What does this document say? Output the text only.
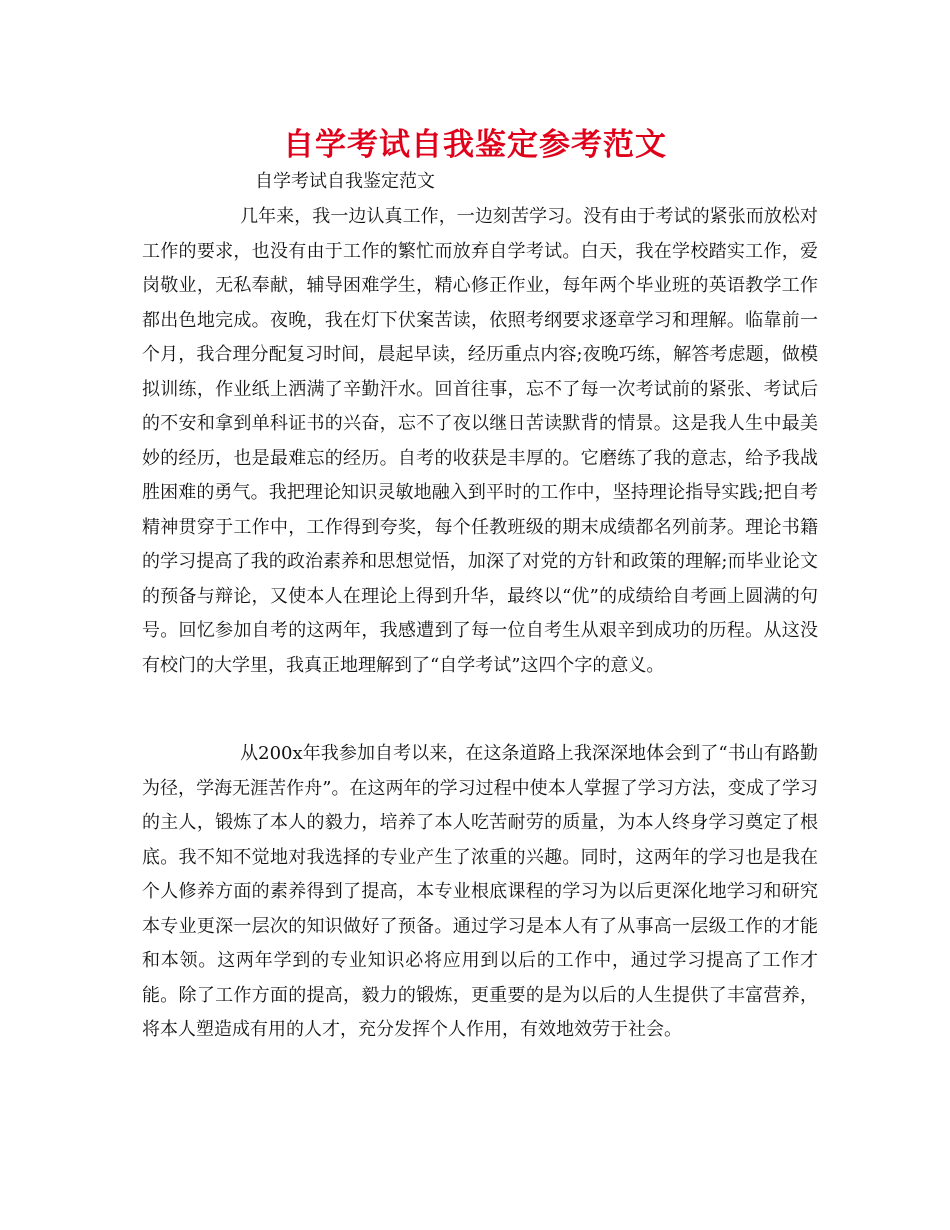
自学考试自我鉴定参考范文
自学考试自我鉴定范文

几年来，我一边认真工作，一边刻苦学习。没有由于考试的紧张而放松对工作的要求，也没有由于工作的繁忙而放弃自学考试。白天，我在学校踏实工作，爱岗敬业，无私奉献，辅导困难学生，精心修正作业，每年两个毕业班的英语教学工作都出色地完成。夜晚，我在灯下伏案苦读，依照考纲要求逐章学习和理解。临靠前一个月，我合理分配复习时间，晨起早读，经历重点内容;夜晚巧练，解答考虑题，做模拟训练，作业纸上洒满了辛勤汗水。回首往事，忘不了每一次考试前的紧张、考试后的不安和拿到单科证书的兴奋，忘不了夜以继日苦读默背的情景。这是我人生中最美妙的经历，也是最难忘的经历。自考的收获是丰厚的。它磨练了我的意志，给予我战胜困难的勇气。我把理论知识灵敏地融入到平时的工作中，坚持理论指导实践;把自考精神贯穿于工作中，工作得到夸奖，每个任教班级的期末成绩都名列前茅。理论书籍的学习提高了我的政治素养和思想觉悟，加深了对党的方针和政策的理解;而毕业论文的预备与辩论，又使本人在理论上得到升华，最终以“优”的成绩给自考画上圆满的句号。回忆参加自考的这两年，我感遭到了每一位自考生从艰辛到成功的历程。从这没有校门的大学里，我真正地理解到了“自学考试”这四个字的意义。

从200x年我参加自考以来，在这条道路上我深深地体会到了“书山有路勤为径，学海无涯苦作舟”。在这两年的学习过程中使本人掌握了学习方法，变成了学习的主人，锻炼了本人的毅力，培养了本人吃苦耐劳的质量，为本人终身学习奠定了根底。我不知不觉地对我选择的专业产生了浓重的兴趣。同时，这两年的学习也是我在个人修养方面的素养得到了提高，本专业根底课程的学习为以后更深化地学习和研究本专业更深一层次的知识做好了预备。通过学习是本人有了从事高一层级工作的才能和本领。这两年学到的专业知识必将应用到以后的工作中，通过学习提高了工作才能。除了工作方面的提高，毅力的锻炼，更重要的是为以后的人生提供了丰富营养，将本人塑造成有用的人才，充分发挥个人作用，有效地效劳于社会。
